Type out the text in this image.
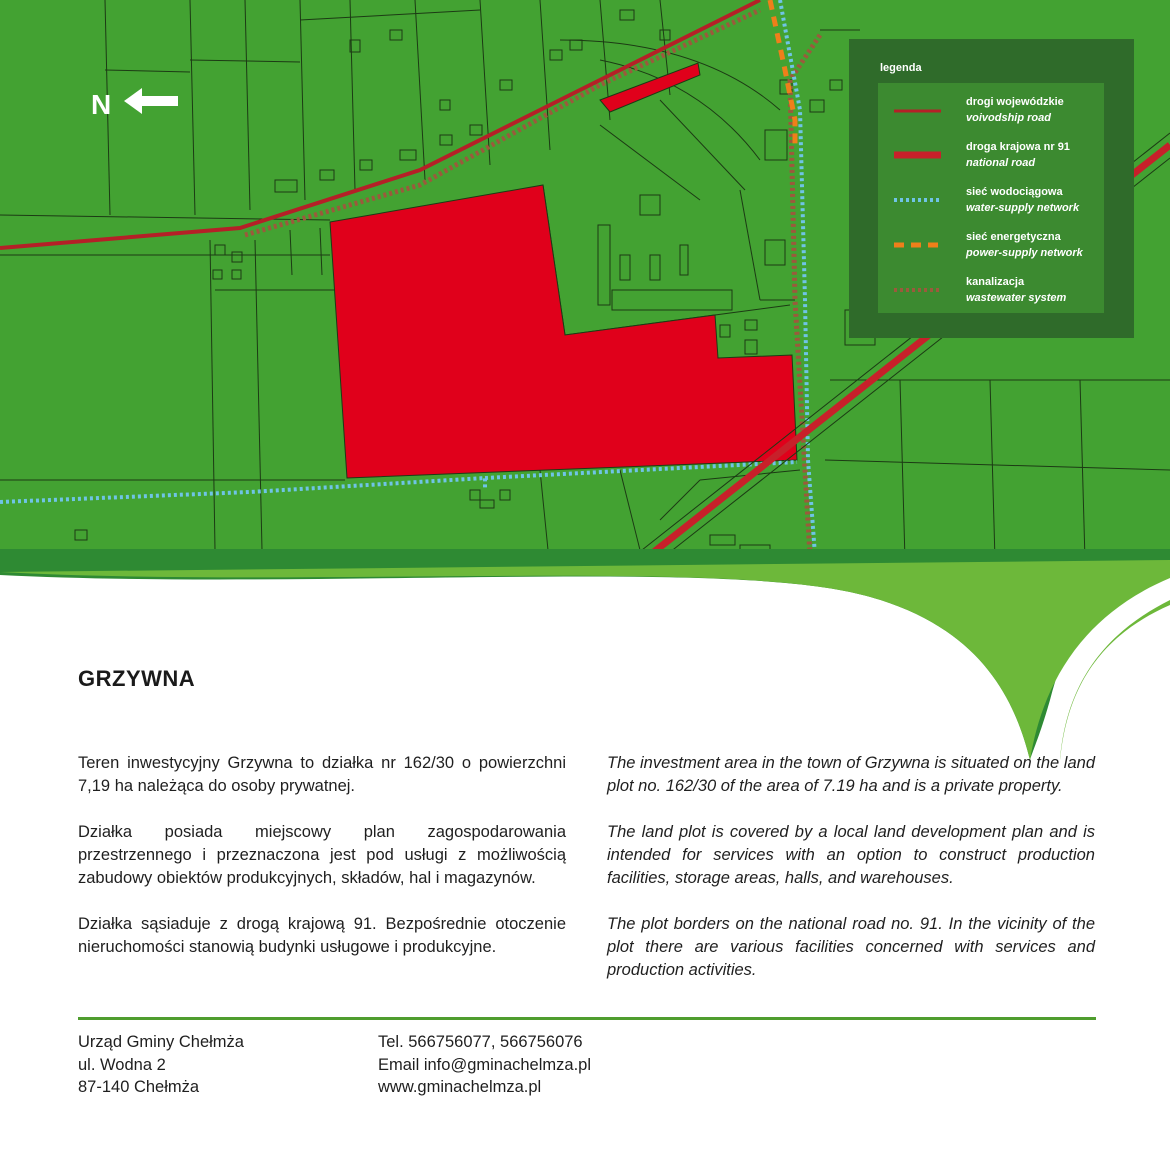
N
legenda
drogi wojewódzkie
voivodship road
droga krajowa nr 91
national road
sieć wodociągowa
water-supply network
sieć energetyczna
power-supply network
kanalizacja
wastewater system
GRZYWNA

Teren inwestycyjny Grzywna to działka nr 162/30 o powierzchni 7,19 ha należąca do osoby prywatnej.

Działka posiada miejscowy plan zagospodarowania przestrzennego i przeznaczona jest pod usługi z możliwością zabudowy obiektów produkcyjnych, składów, hal i magazynów.

Działka sąsiaduje z drogą krajową 91. Bezpośrednie otoczenie nieruchomości stanowią budynki usługowe i produkcyjne.

The investment area in the town of Grzywna is situated on the land plot no. 162/30 of the area of 7.19 ha and is a private property.

The land plot is covered by a local land development plan and is intended for services with an option to construct production facilities, storage areas, halls, and warehouses.

The plot borders on the national road no. 91. In the vicinity of the plot there are various facilities concerned with services and production activities.

Urząd Gminy Chełmża
ul. Wodna 2
87-140 Chełmża
Tel. 566756077, 566756076
Email info@gminachelmza.pl
www.gminachelmza.pl
